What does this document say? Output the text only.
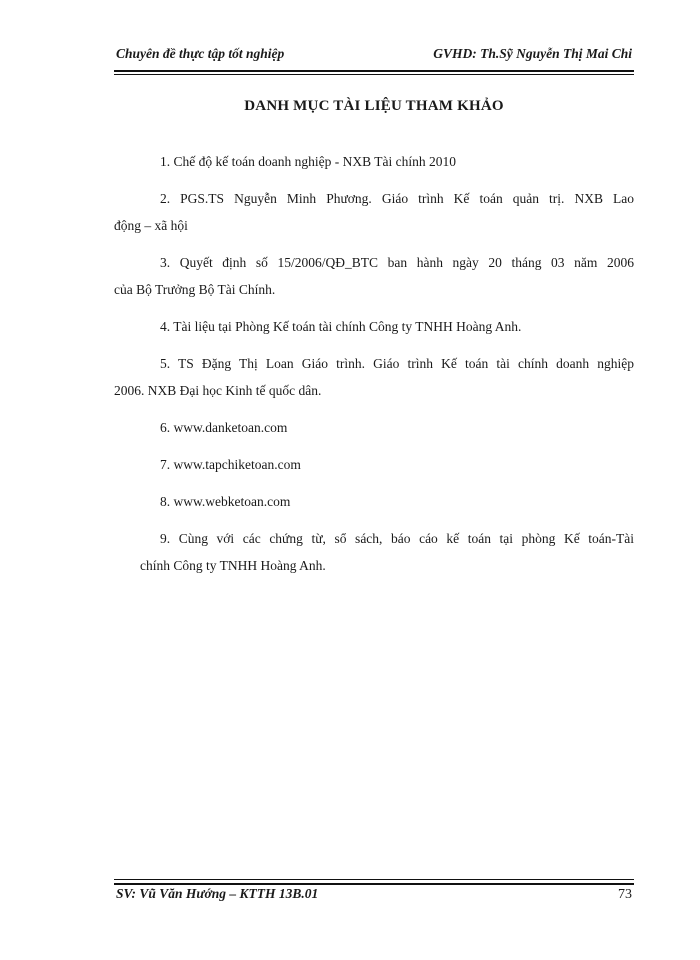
Chuyên đề thực tập tốt nghiệp	GVHD: Th.Sỹ Nguyễn Thị Mai Chi
DANH MỤC TÀI LIỆU THAM KHẢO

1. Chế độ kế toán doanh nghiệp - NXB Tài chính 2010

2. PGS.TS Nguyễn Minh Phương. Giáo trình Kế toán quản trị. NXB Lao
động – xã hội

3. Quyết định số 15/2006/QĐ_BTC ban hành ngày 20 tháng 03 năm 2006
của Bộ Trưởng Bộ Tài Chính.

4. Tài liệu tại Phòng Kế toán tài chính Công ty TNHH Hoàng Anh.

5. TS Đặng Thị Loan Giáo trình. Giáo trình Kế toán tài chính doanh nghiệp
2006. NXB Đại học Kinh tế quốc dân.

6. www.danketoan.com

7. www.tapchiketoan.com

8. www.webketoan.com

9. Cùng với các chứng từ, sổ sách, báo cáo kế toán tại phòng Kế toán-Tài
chính Công ty TNHH Hoàng Anh.

SV: Vũ Văn Hướng – KTTH 13B.01	73
